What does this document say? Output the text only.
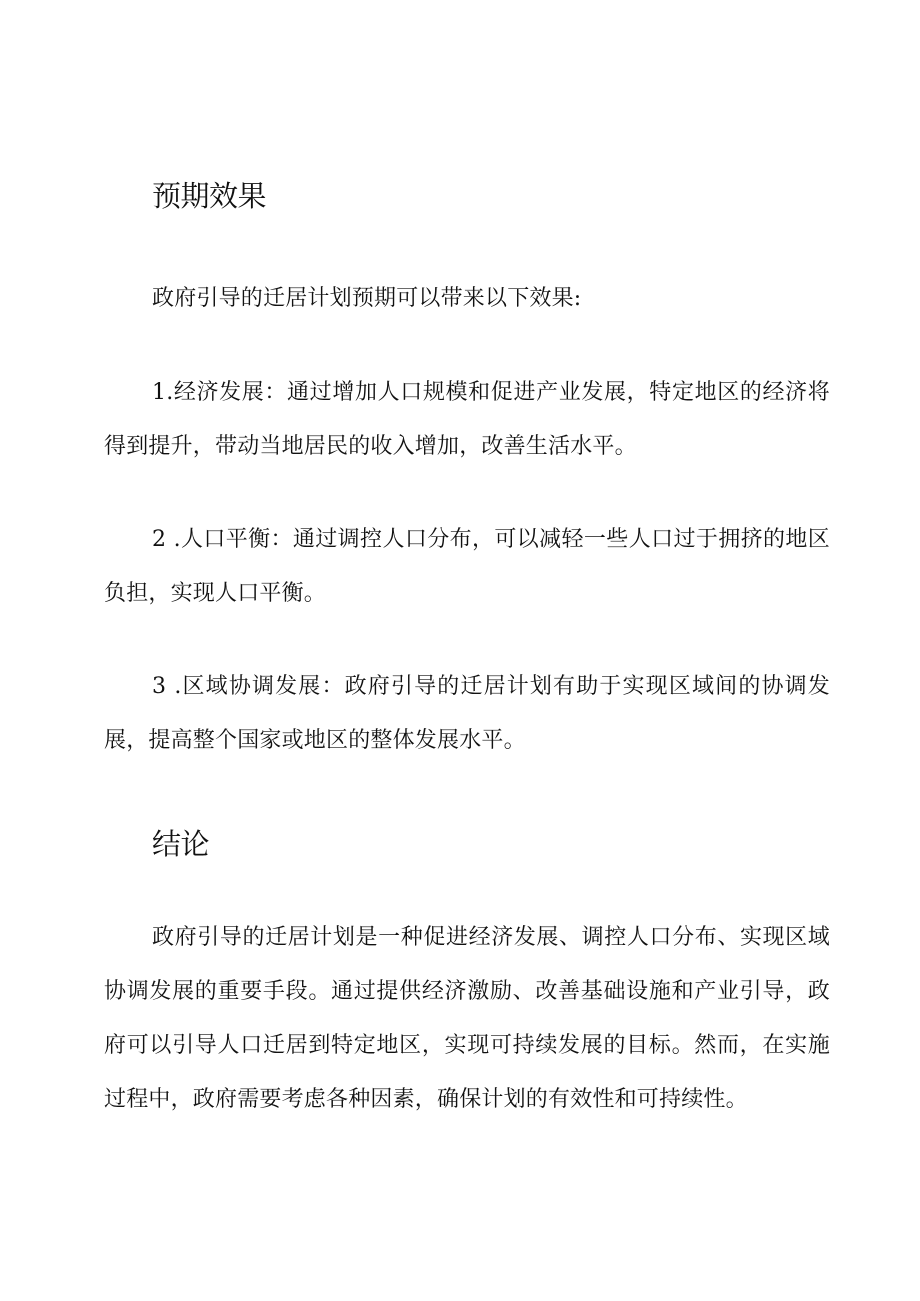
预期效果

政府引导的迁居计划预期可以带来以下效果:

1.经济发展：通过增加人口规模和促进产业发展，特定地区的经济将得到提升，带动当地居民的收入增加，改善生活水平。

2 .人口平衡：通过调控人口分布，可以减轻一些人口过于拥挤的地区负担，实现人口平衡。

3 .区域协调发展：政府引导的迁居计划有助于实现区域间的协调发展，提高整个国家或地区的整体发展水平。

结论

政府引导的迁居计划是一种促进经济发展、调控人口分布、实现区域协调发展的重要手段。通过提供经济激励、改善基础设施和产业引导，政府可以引导人口迁居到特定地区，实现可持续发展的目标。然而，在实施过程中，政府需要考虑各种因素，确保计划的有效性和可持续性。
